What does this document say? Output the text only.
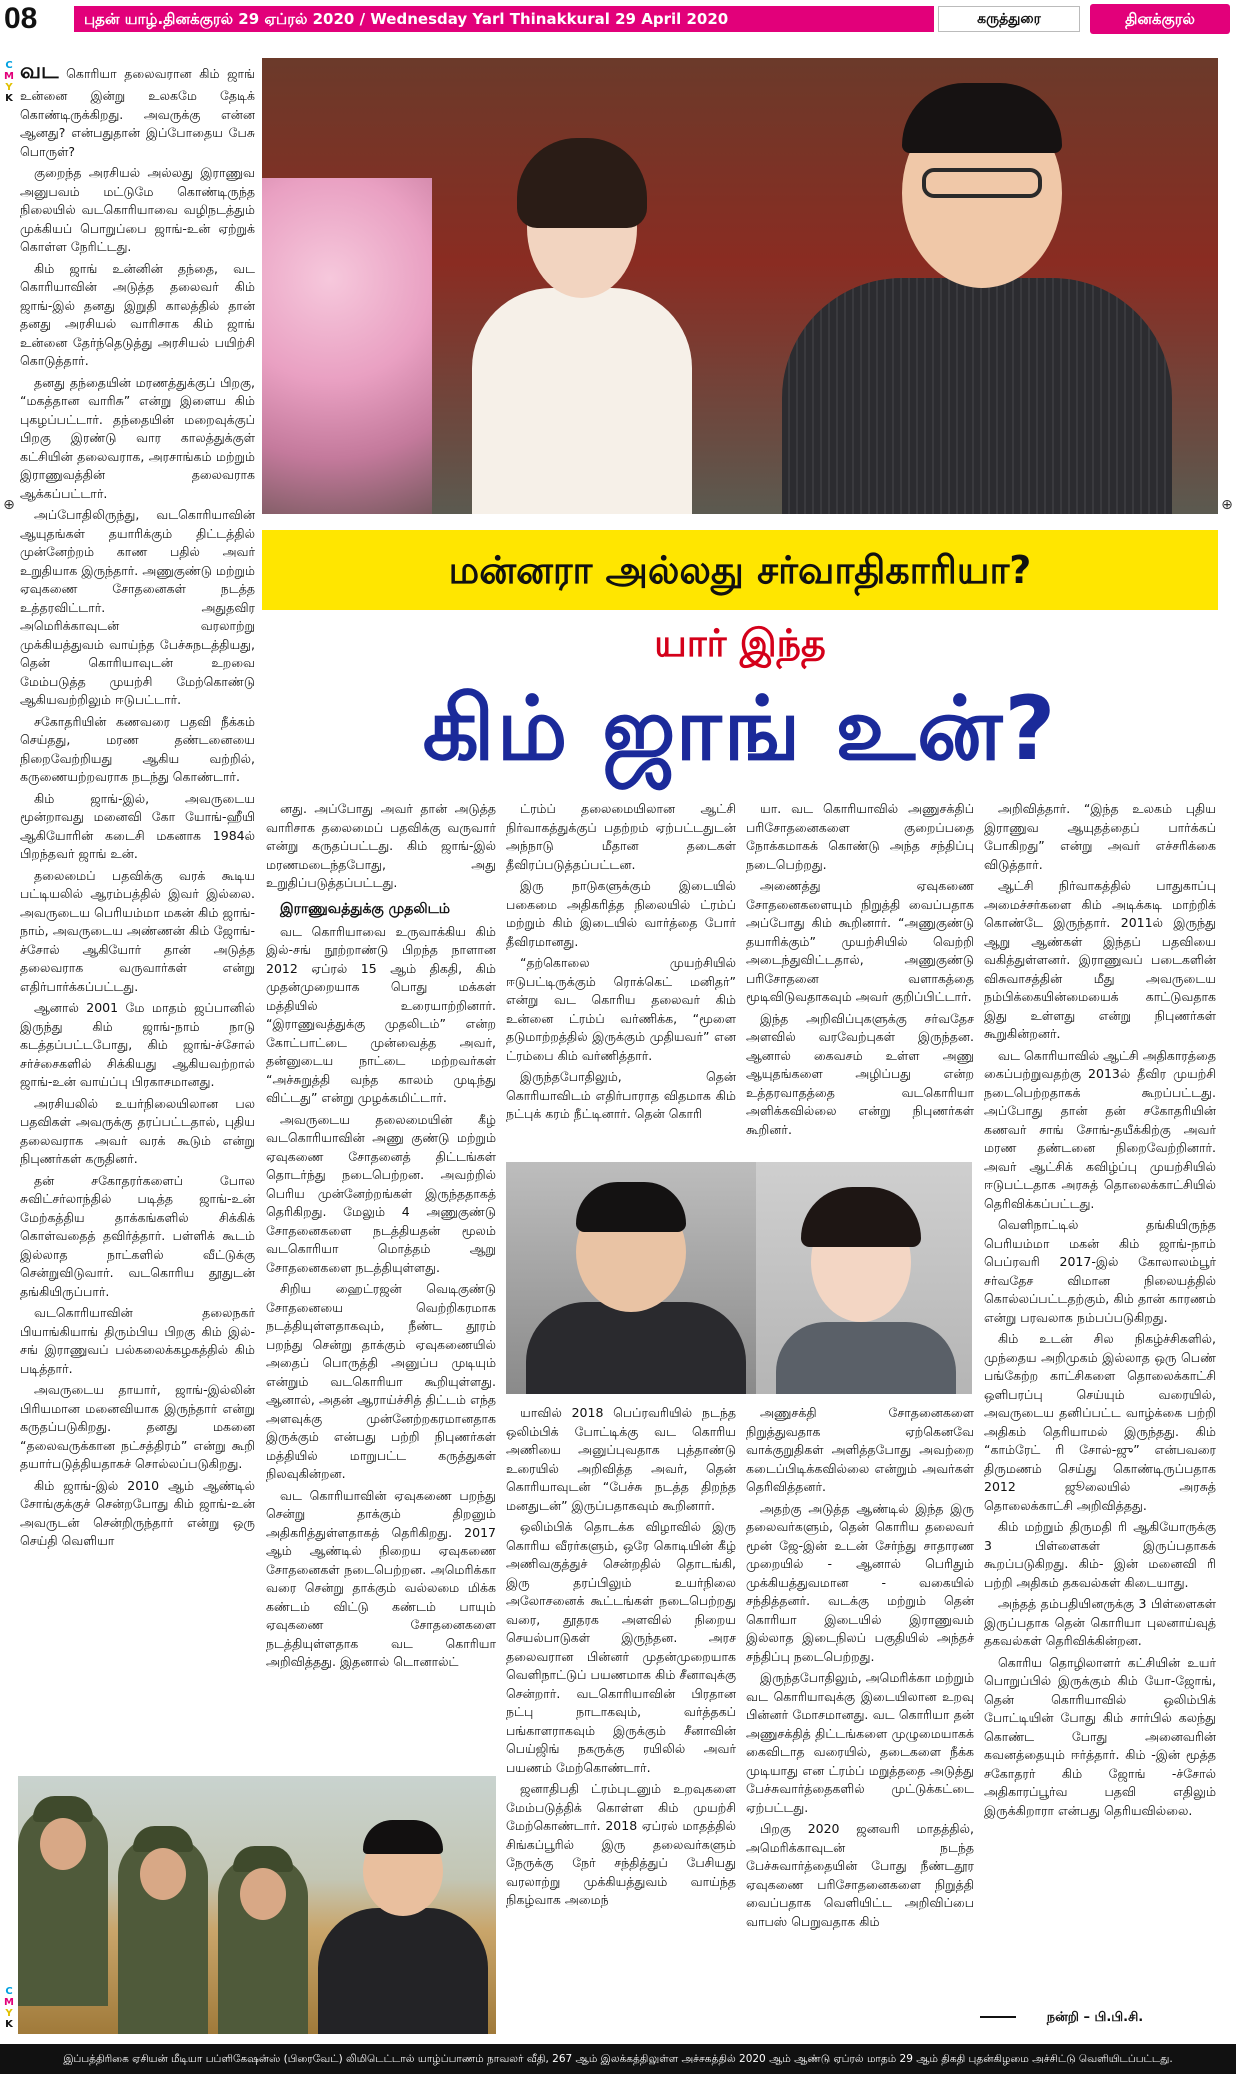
08	புதன் யாழ்.தினக்குரல் 29 ஏப்ரல் 2020 / Wednesday Yarl Thinakkural 29 April 2020	கருத்துரை	தினக்குரல்
C
M
Y
K
C
M
Y
K
⊕	⊕
மன்னரா அல்லது சர்வாதிகாரியா?
யார் இந்த
கிம் ஜாங் உன்?

வட கொரியா தலைவரான கிம் ஜாங் உன்னை இன்று உலகமே தேடிக் கொண்டிருக்கிறது. அவருக்கு என்ன ஆனது? என்பதுதான் இப்போதைய பேசு பொருள்?

குறைந்த அரசியல் அல்லது இராணுவ அனுபவம் மட்டுமே கொண்டிருந்த நிலையில் வடகொரியாவை வழிநடத்தும் முக்கியப் பொறுப்பை ஜாங்-உன் ஏற்றுக் கொள்ள நேரிட்டது.

கிம் ஜாங் உன்னின் தந்தை, வட கொரியாவின் அடுத்த தலைவர் கிம் ஜாங்-இல் தனது இறுதி காலத்தில் தான் தனது அரசியல் வாரிசாக கிம் ஜாங் உன்னை தேர்ந்தெடுத்து அரசியல் பயிற்சி கொடுத்தார்.

தனது தந்தையின் மரணத்துக்குப் பிறகு, “மகத்தான வாரிசு” என்று இளைய கிம் புகழப்பட்டார். தந்தையின் மறைவுக்குப் பிறகு இரண்டு வார காலத்துக்குள் கட்சியின் தலைவராக, அரசாங்கம் மற்றும் இராணுவத்தின் தலைவராக ஆக்கப்பட்டார்.

அப்போதிலிருந்து, வடகொரியாவின் ஆயுதங்கள் தயாரிக்கும் திட்டத்தில் முன்னேற்றம் காண பதில் அவர் உறுதியாக இருந்தார். அணுகுண்டு மற்றும் ஏவுகணை சோதனைகள் நடத்த உத்தரவிட்டார். அதுதவிர அமெரிக்காவுடன் வரலாற்று முக்கியத்துவம் வாய்ந்த பேச்சுநடத்தியது, தென் கொரியாவுடன் உறவை மேம்படுத்த முயற்சி மேற்கொண்டு ஆகியவற்றிலும் ஈடுபட்டார்.

சகோதரியின் கணவரை பதவி நீக்கம் செய்தது, மரண தண்டனையை நிறைவேற்றியது ஆகிய வற்றில், கருணையற்றவராக நடந்து கொண்டார்.

கிம் ஜாங்-இல், அவருடைய மூன்றாவது மனைவி கோ யோங்-ஹீயி ஆகியோரின் கடைசி மகனாக 1984ல் பிறந்தவர் ஜாங் உன்.

தலைமைப் பதவிக்கு வரக் கூடிய பட்டியலில் ஆரம்பத்தில் இவர் இல்லை. அவருடைய பெரியம்மா மகன் கிம் ஜாங்-நாம், அவருடைய அண்ணன் கிம் ஜோங்-ச்சோல் ஆகியோர் தான் அடுத்த தலைவராக வருவார்கள் என்று எதிர்பார்க்கப்பட்டது.

ஆனால் 2001 மே மாதம் ஜப்பானில் இருந்து கிம் ஜாங்-நாம் நாடு கடத்தப்பட்டபோது, கிம் ஜாங்-ச்சோல் சர்ச்சைகளில் சிக்கியது ஆகியவற்றால் ஜாங்-உன் வாய்ப்பு பிரகாசமானது.

அரசியலில் உயர்நிலையிலான பல பதவிகள் அவருக்கு தரப்பட்டதால், புதிய தலைவராக அவர் வரக் கூடும் என்று நிபுணர்கள் கருதினர்.

தன் சகோதரர்களைப் போல சுவிட்சர்லாந்தில் படித்த ஜாங்-உன் மேற்கத்திய தாக்கங்களில் சிக்கிக் கொள்வதைத் தவிர்த்தார். பள்ளிக் கூடம் இல்லாத நாட்களில் வீட்டுக்கு சென்றுவிடுவார். வடகொரிய தூதுடன் தங்கியிருப்பார்.

வடகொரியாவின் தலைநகர் பியாங்கியாங் திரும்பிய பிறகு கிம் இல்-சங் இராணுவப் பல்கலைக்கழகத்தில் கிம் படித்தார்.

அவருடைய தாயார், ஜாங்-இல்லின் பிரியமான மனைவியாக இருந்தார் என்று கருதப்படுகிறது. தனது மகனை “தலைவருக்கான நட்சத்திரம்” என்று கூறி தயார்படுத்தியதாகச் சொல்லப்படுகிறது.

கிம் ஜாங்-இல் 2010 ஆம் ஆண்டில் சோங்குக்குச் சென்றபோது கிம் ஜாங்-உன் அவருடன் சென்றிருந்தார் என்று ஒரு செய்தி வெளியா

னது. அப்போது அவர் தான் அடுத்த வாரிசாக தலைமைப் பதவிக்கு வருவார் என்று கருதப்பட்டது. கிம் ஜாங்-இல் மரணமடைந்தபோது, அது உறுதிப்படுத்தப்பட்டது.

இராணுவத்துக்கு முதலிடம்

வட கொரியாவை உருவாக்கிய கிம் இல்-சங் நூற்றாண்டு பிறந்த நாளான 2012 ஏப்ரல் 15 ஆம் திகதி, கிம் முதன்முறையாக பொது மக்கள் மத்தியில் உரையாற்றினார். “இராணுவத்துக்கு முதலிடம்” என்ற கோட்பாட்டை முன்வைத்த அவர், தன்னுடைய நாட்டை மற்றவர்கள் “அச்சுறுத்தி வந்த காலம் முடிந்து விட்டது” என்று முழக்கமிட்டார்.

அவருடைய தலைமையின் கீழ் வடகொரியாவின் அணு குண்டு மற்றும் ஏவுகணை சோதனைத் திட்டங்கள் தொடர்ந்து நடைபெற்றன. அவற்றில் பெரிய முன்னேற்றங்கள் இருந்ததாகத் தெரிகிறது. மேலும் 4 அணுகுண்டு சோதனைகளை நடத்தியதன் மூலம் வடகொரியா மொத்தம் ஆறு சோதனைகளை நடத்தியுள்ளது.

சிறிய ஹைட்ரஜன் வெடிகுண்டு சோதனையை வெற்றிகரமாக நடத்தியுள்ளதாகவும், நீண்ட தூரம் பறந்து சென்று தாக்கும் ஏவுகணையில் அதைப் பொருத்தி அனுப்ப முடியும் என்றும் வடகொரியா கூறியுள்ளது. ஆனால், அதன் ஆராய்ச்சித் திட்டம் எந்த அளவுக்கு முன்னேற்றகரமானதாக இருக்கும் என்பது பற்றி நிபுணர்கள் மத்தியில் மாறுபட்ட கருத்துகள் நிலவுகின்றன.

வட கொரியாவின் ஏவுகணை பறந்து சென்று தாக்கும் திறனும் அதிகரித்துள்ளதாகத் தெரிகிறது. 2017 ஆம் ஆண்டில் நிறைய ஏவுகணை சோதனைகள் நடைபெற்றன. அமெரிக்கா வரை சென்று தாக்கும் வல்லமை மிக்க கண்டம் விட்டு கண்டம் பாயும் ஏவுகணை சோதனைகளை நடத்தியுள்ளதாக வட கொரியா அறிவித்தது. இதனால் டொனால்ட்

ட்ரம்ப் தலைமையிலான ஆட்சி நிர்வாகத்துக்குப் பதற்றம் ஏற்பட்டதுடன் அந்நாடு மீதான தடைகள் தீவிரப்படுத்தப்பட்டன.

இரு நாடுகளுக்கும் இடையில் பகைமை அதிகரித்த நிலையில் ட்ரம்ப் மற்றும் கிம் இடையில் வார்த்தை போர் தீவிரமானது.

“தற்கொலை முயற்சியில் ஈடுபட்டிருக்கும் ரொக்கெட் மனிதர்” என்று வட கொரிய தலைவர் கிம் உன்னை ட்ரம்ப் வர்ணிக்க, “மூளை தடுமாற்றத்தில் இருக்கும் முதியவர்” என ட்ரம்பை கிம் வர்ணித்தார்.

இருந்தபோதிலும், தென் கொரியாவிடம் எதிர்பாராத விதமாக கிம் நட்புக் கரம் நீட்டினார். தென் கொரி

யா. வட கொரியாவில் அணுசக்திப் பரிசோதனைகளை குறைப்பதை நோக்கமாகக் கொண்டு அந்த சந்திப்பு நடைபெற்றது.

அணைத்து ஏவுகணை சோதனைகளையும் நிறுத்தி வைப்பதாக அப்போது கிம் கூறினார். “அணுகுண்டு தயாரிக்கும்” முயற்சியில் வெற்றி அடைந்துவிட்டதால், அணுகுண்டு பரிசோதனை வளாகத்தை மூடிவிடுவதாகவும் அவர் குறிப்பிட்டார்.

இந்த அறிவிப்புகளுக்கு சர்வதேச அளவில் வரவேற்புகள் இருந்தன. ஆனால் கைவசம் உள்ள அணு ஆயுதங்களை அழிப்பது என்ற உத்தரவாதத்தை வடகொரியா அளிக்கவில்லை என்று நிபுணர்கள் கூறினர்.

யாவில் 2018 பெப்ரவரியில் நடந்த ஒலிம்பிக் போட்டிக்கு வட கொரிய அணியை அனுப்புவதாக புத்தாண்டு உரையில் அறிவித்த அவர், தென் கொரியாவுடன் “பேச்சு நடத்த திறந்த மனதுடன்” இருப்பதாகவும் கூறினார்.

ஒலிம்பிக் தொடக்க விழாவில் இரு கொரிய வீரர்களும், ஒரே கொடியின் கீழ் அணிவகுத்துச் சென்றதில் தொடங்கி, இரு தரப்பிலும் உயர்நிலை அலோசனைக் கூட்டங்கள் நடைபெற்றது வரை, தூதரக அளவில் நிறைய செயல்பாடுகள் இருந்தன. அரச தலைவரான பின்னர் முதன்முறையாக வெளிநாட்டுப் பயணமாக கிம் சீனாவுக்கு சென்றார். வடகொரியாவின் பிரதான நட்பு நாடாகவும், வர்த்தகப் பங்காளராகவும் இருக்கும் சீனாவின் பெய்ஜிங் நகருக்கு ரயிலில் அவர் பயணம் மேற்கொண்டார்.

ஜனாதிபதி ட்ரம்புடனும் உறவுகளை மேம்படுத்திக் கொள்ள கிம் முயற்சி மேற்கொண்டார். 2018 ஏப்ரல் மாதத்தில் சிங்கப்பூரில் இரு தலைவர்களும் நேருக்கு நேர் சந்தித்துப் பேசியது வரலாற்று முக்கியத்துவம் வாய்ந்த நிகழ்வாக அமைந்

அணுசக்தி சோதனைகளை நிறுத்துவதாக ஏற்கெனவே வாக்குறுதிகள் அளித்தபோது அவற்றை கடைப்பிடிக்கவில்லை என்றும் அவர்கள் தெரிவித்தனர்.

அதற்கு அடுத்த ஆண்டில் இந்த இரு தலைவர்களும், தென் கொரிய தலைவர் மூன் ஜே-இன் உடன் சேர்ந்து சாதாரண முறையில் - ஆனால் பெரிதும் முக்கியத்துவமான - வகையில் சந்தித்தனர். வடக்கு மற்றும் தென் கொரியா இடையில் இராணுவம் இல்லாத இடைநிலப் பகுதியில் அந்தச் சந்திப்பு நடைபெற்றது.

இருந்தபோதிலும், அமெரிக்கா மற்றும் வட கொரியாவுக்கு இடையிலான உறவு பின்னர் மோசமானது. வட கொரியா தன் அணுசக்தித் திட்டங்களை முழுமையாகக் கைவிடாத வரையில், தடைகளை நீக்க முடியாது என ட்ரம்ப் மறுத்ததை அடுத்து பேச்சுவார்த்தைகளில் முட்டுக்கட்டை ஏற்பட்டது.

பிறகு 2020 ஜனவரி மாதத்தில், அமெரிக்காவுடன் நடந்த பேச்சுவார்த்தையின் போது நீண்டதூர ஏவுகணை பரிசோதனைகளை நிறுத்தி வைப்பதாக வெளியிட்ட அறிவிப்பை வாபஸ் பெறுவதாக கிம்

அறிவித்தார். “இந்த உலகம் புதிய இராணுவ ஆயுதத்தைப் பார்க்கப் போகிறது” என்று அவர் எச்சரிக்கை விடுத்தார்.

ஆட்சி நிர்வாகத்தில் பாதுகாப்பு அமைச்சர்களை கிம் அடிக்கடி மாற்றிக் கொண்டே இருந்தார். 2011ல் இருந்து ஆறு ஆண்கள் இந்தப் பதவியை வகித்துள்ளனர். இராணுவப் படைகளின் விசுவாசத்தின் மீது அவருடைய நம்பிக்கையின்மையைக் காட்டுவதாக இது உள்ளது என்று நிபுணர்கள் கூறுகின்றனர்.

வட கொரியாவில் ஆட்சி அதிகாரத்தை கைப்பற்றுவதற்கு 2013ல் தீவிர முயற்சி நடைபெற்றதாகக் கூறப்பட்டது. அப்போது தான் தன் சகோதரியின் கணவர் சாங் சோங்-தயீக்கிற்கு அவர் மரண தண்டனை நிறைவேற்றினார். அவர் ஆட்சிக் கவிழ்ப்பு முயற்சியில் ஈடுபட்டதாக அரசுத் தொலைக்காட்சியில் தெரிவிக்கப்பட்டது.

வெளிநாட்டில் தங்கியிருந்த பெரியம்மா மகன் கிம் ஜாங்-நாம் பெப்ரவரி 2017-இல் கோலாலம்பூர் சர்வதேச விமான நிலையத்தில் கொல்லப்பட்டதற்கும், கிம் தான் காரணம் என்று பரவலாக நம்பப்படுகிறது.

கிம் உடன் சில நிகழ்ச்சிகளில், முந்தைய அறிமுகம் இல்லாத ஒரு பெண் பங்கேற்ற காட்சிகளை தொலைக்காட்சி ஒளிபரப்பு செய்யும் வரையில், அவருடைய தனிப்பட்ட வாழ்க்கை பற்றி அதிகம் தெரியாமல் இருந்தது. கிம் “காம்ரேட் ரி சோல்-ஜு” என்பவரை திருமணம் செய்து கொண்டிருப்பதாக 2012 ஜூலையில் அரசுத் தொலைக்காட்சி அறிவித்தது.

கிம் மற்றும் திருமதி ரி ஆகியோருக்கு 3 பிள்ளைகள் இருப்பதாகக் கூறப்படுகிறது. கிம்- இன் மனைவி ரி பற்றி அதிகம் தகவல்கள் கிடையாது.

அந்தத் தம்பதியினருக்கு 3 பிள்ளைகள் இருப்பதாக தென் கொரியா புலனாய்வுத் தகவல்கள் தெரிவிக்கின்றன.

கொரிய தொழிலாளர் கட்சியின் உயர் பொறுப்பில் இருக்கும் கிம் யோ-ஜோங், தென் கொரியாவில் ஒலிம்பிக் போட்டியின் போது கிம் சார்பில் கலந்து கொண்ட போது அனைவரின் கவனத்தையும் ஈர்த்தார். கிம் -இன் மூத்த சகோதரர் கிம் ஜோங் -ச்சோல் அதிகாரப்பூர்வ பதவி எதிலும் இருக்கிறாரா என்பது தெரியவில்லை.

நன்றி – பி.பி.சி.
இப்பத்திரிகை ஏசியன் மீடியா பப்ளிகேஷன்ஸ் (பிரைவேட்) லிமிடெட்டால் யாழ்ப்பாணம் நாவலர் வீதி, 267 ஆம் இலக்கத்திலுள்ள அச்சகத்தில் 2020 ஆம் ஆண்டு ஏப்ரல் மாதம் 29 ஆம் திகதி புதன்கிழமை அச்சிட்டு வெளியிடப்பட்டது.
